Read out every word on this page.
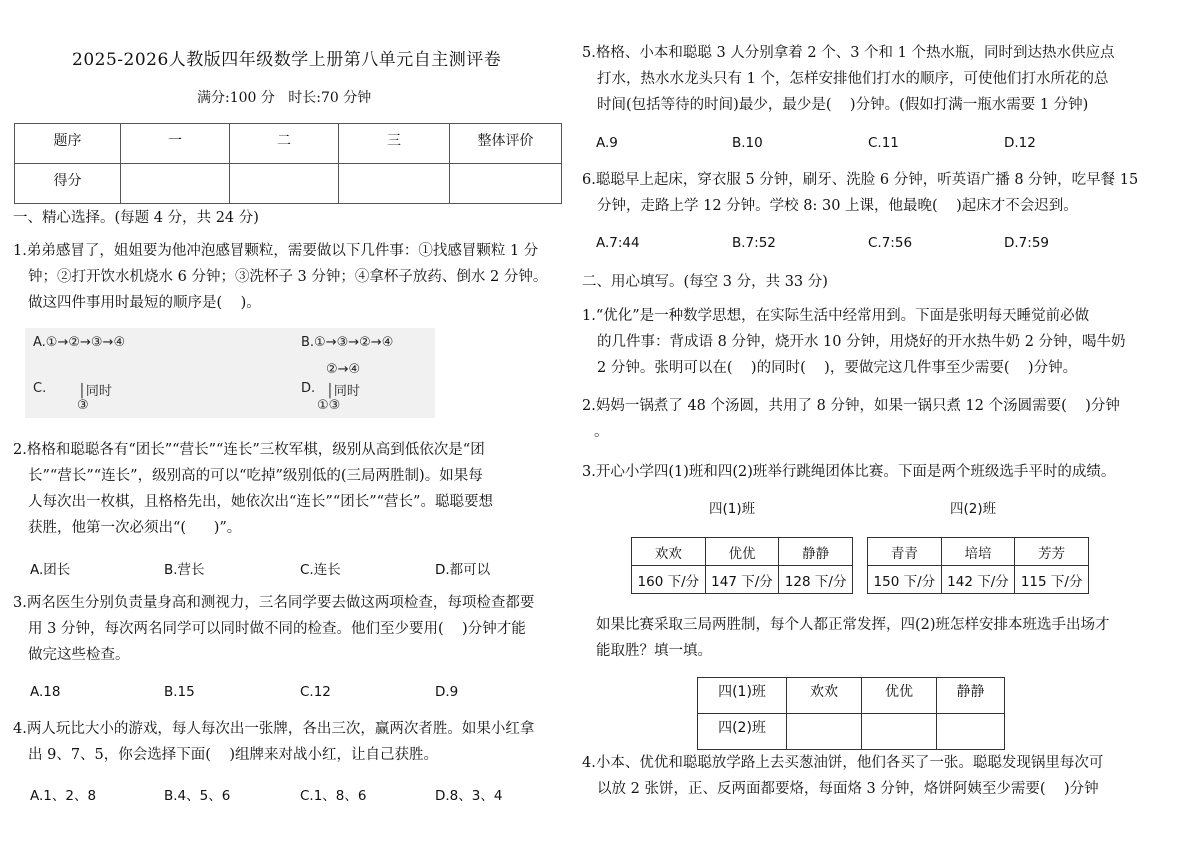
2025-2026人教版四年级数学上册第八单元自主测评卷
满分:100 分   时长:70 分钟
题序	一	二	三	整体评价
得分				
一、精心选择。(每题 4 分，共 24 分)
1.弟弟感冒了，姐姐要为他冲泡感冒颗粒，需要做以下几件事：①找感冒颗粒 1 分
钟；②打开饮水机烧水 6 分钟；③洗杯子 3 分钟；④拿杯子放药、倒水 2 分钟。
做这四件事用时最短的顺序是(    )。
A.①→②→③→④	B.①→③→②→④
C. │同时
③
D.
②→④
│同时
①③
2.格格和聪聪各有“团长”“营长”“连长”三枚军棋，级别从高到低依次是“团
长”“营长”“连长”，级别高的可以“吃掉”级别低的(三局两胜制)。如果每
人每次出一枚棋，且格格先出，她依次出“连长”“团长”“营长”。聪聪要想
获胜，他第一次必须出“(      )”。
A.团长	B.营长	C.连长	D.都可以
3.两名医生分别负责量身高和测视力，三名同学要去做这两项检查，每项检查都要
用 3 分钟，每次两名同学可以同时做不同的检查。他们至少要用(    )分钟才能
做完这些检查。
A.18	B.15	C.12	D.9
4.两人玩比大小的游戏，每人每次出一张牌，各出三次，赢两次者胜。如果小红拿
出 9、7、5，你会选择下面(    )组牌来对战小红，让自己获胜。
A.1、2、8	B.4、5、6	C.1、8、6	D.8、3、4
5.格格、小本和聪聪 3 人分别拿着 2 个、3 个和 1 个热水瓶，同时到达热水供应点
打水，热水水龙头只有 1 个，怎样安排他们打水的顺序，可使他们打水所花的总
时间(包括等待的时间)最少，最少是(    )分钟。(假如打满一瓶水需要 1 分钟)
A.9	B.10	C.11	D.12
6.聪聪早上起床，穿衣服 5 分钟，刷牙、洗脸 6 分钟，听英语广播 8 分钟，吃早餐 15
分钟，走路上学 12 分钟。学校 8: 30 上课，他最晚(    )起床才不会迟到。
A.7:44	B.7:52	C.7:56	D.7:59
二、用心填写。(每空 3 分，共 33 分)
1.“优化”是一种数学思想，在实际生活中经常用到。下面是张明每天睡觉前必做
的几件事：背成语 8 分钟，烧开水 10 分钟，用烧好的开水热牛奶 2 分钟，喝牛奶
2 分钟。张明可以在(    )的同时(    )，要做完这几件事至少需要(    )分钟。
2.妈妈一锅煮了 48 个汤圆，共用了 8 分钟，如果一锅只煮 12 个汤圆需要(    )分钟
。
3.开心小学四(1)班和四(2)班举行跳绳团体比赛。下面是两个班级选手平时的成绩。
四(1)班	四(2)班
欢欢	优优	静静
160 下/分	147 下/分	128 下/分
青青	培培	芳芳
150 下/分	142 下/分	115 下/分
如果比赛采取三局两胜制，每个人都正常发挥，四(2)班怎样安排本班选手出场才
能取胜？填一填。
四(1)班	欢欢	优优	静静
四(2)班			
4.小本、优优和聪聪放学路上去买葱油饼，他们各买了一张。聪聪发现锅里每次可
以放 2 张饼，正、反两面都要烙，每面烙 3 分钟，烙饼阿姨至少需要(    )分钟
